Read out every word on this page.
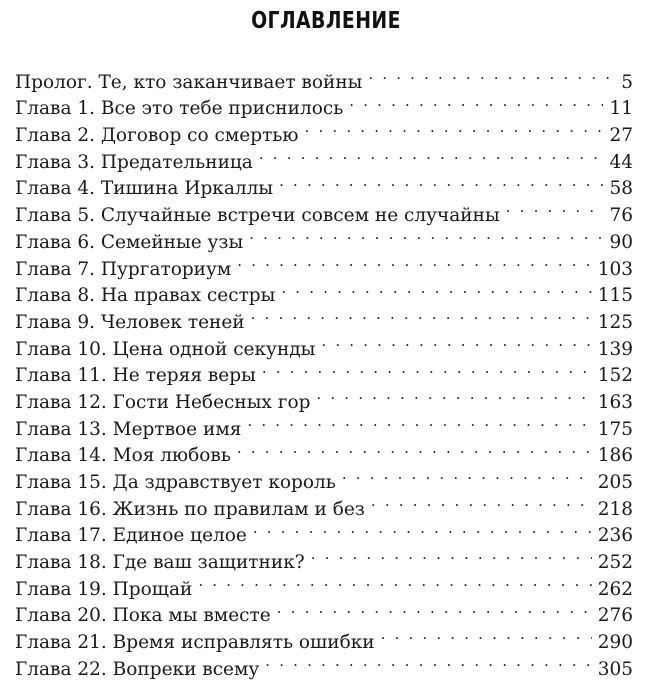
ОГЛАВЛЕНИЕ
Пролог. Те, кто заканчивает войны . . .	5
Глава 1. Все это тебе приснилось . . .	11
Глава 2. Договор со смертью . . .	27
Глава 3. Предательница . . .	44
Глава 4. Тишина Иркаллы . . .	58
Глава 5. Случайные встречи совсем не случайны . . .	76
Глава 6. Семейные узы . . .	90
Глава 7. Пургаториум . . .	103
Глава 8. На правах сестры . . .	115
Глава 9. Человек теней . . .	125
Глава 10. Цена одной секунды . . .	139
Глава 11. Не теряя веры . . .	152
Глава 12. Гости Небесных гор . . .	163
Глава 13. Мертвое имя . . .	175
Глава 14. Моя любовь . . .	186
Глава 15. Да здравствует король . . .	205
Глава 16. Жизнь по правилам и без . . .	218
Глава 17. Единое целое . . .	236
Глава 18. Где ваш защитник? . . .	252
Глава 19. Прощай . . .	262
Глава 20. Пока мы вместе . . .	276
Глава 21. Время исправлять ошибки . . .	290
Глава 22. Вопреки всему . . .	305
